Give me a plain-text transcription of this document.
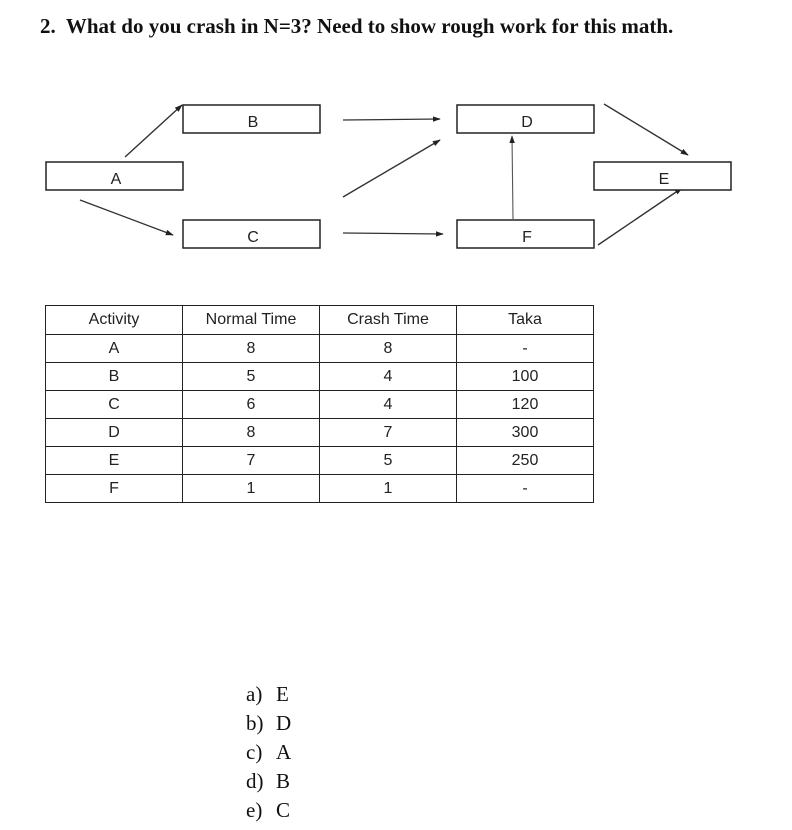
2. What do you crash in N=3? Need to show rough work for this math.
A
B
C
D
E
F
Activity	Normal Time	Crash Time	Taka
A	8	8	-
B	5	4	100
C	6	4	120
D	8	7	300
E	7	5	250
F	1	1	-
a) E
b) D
c) A
d) B
e) C
